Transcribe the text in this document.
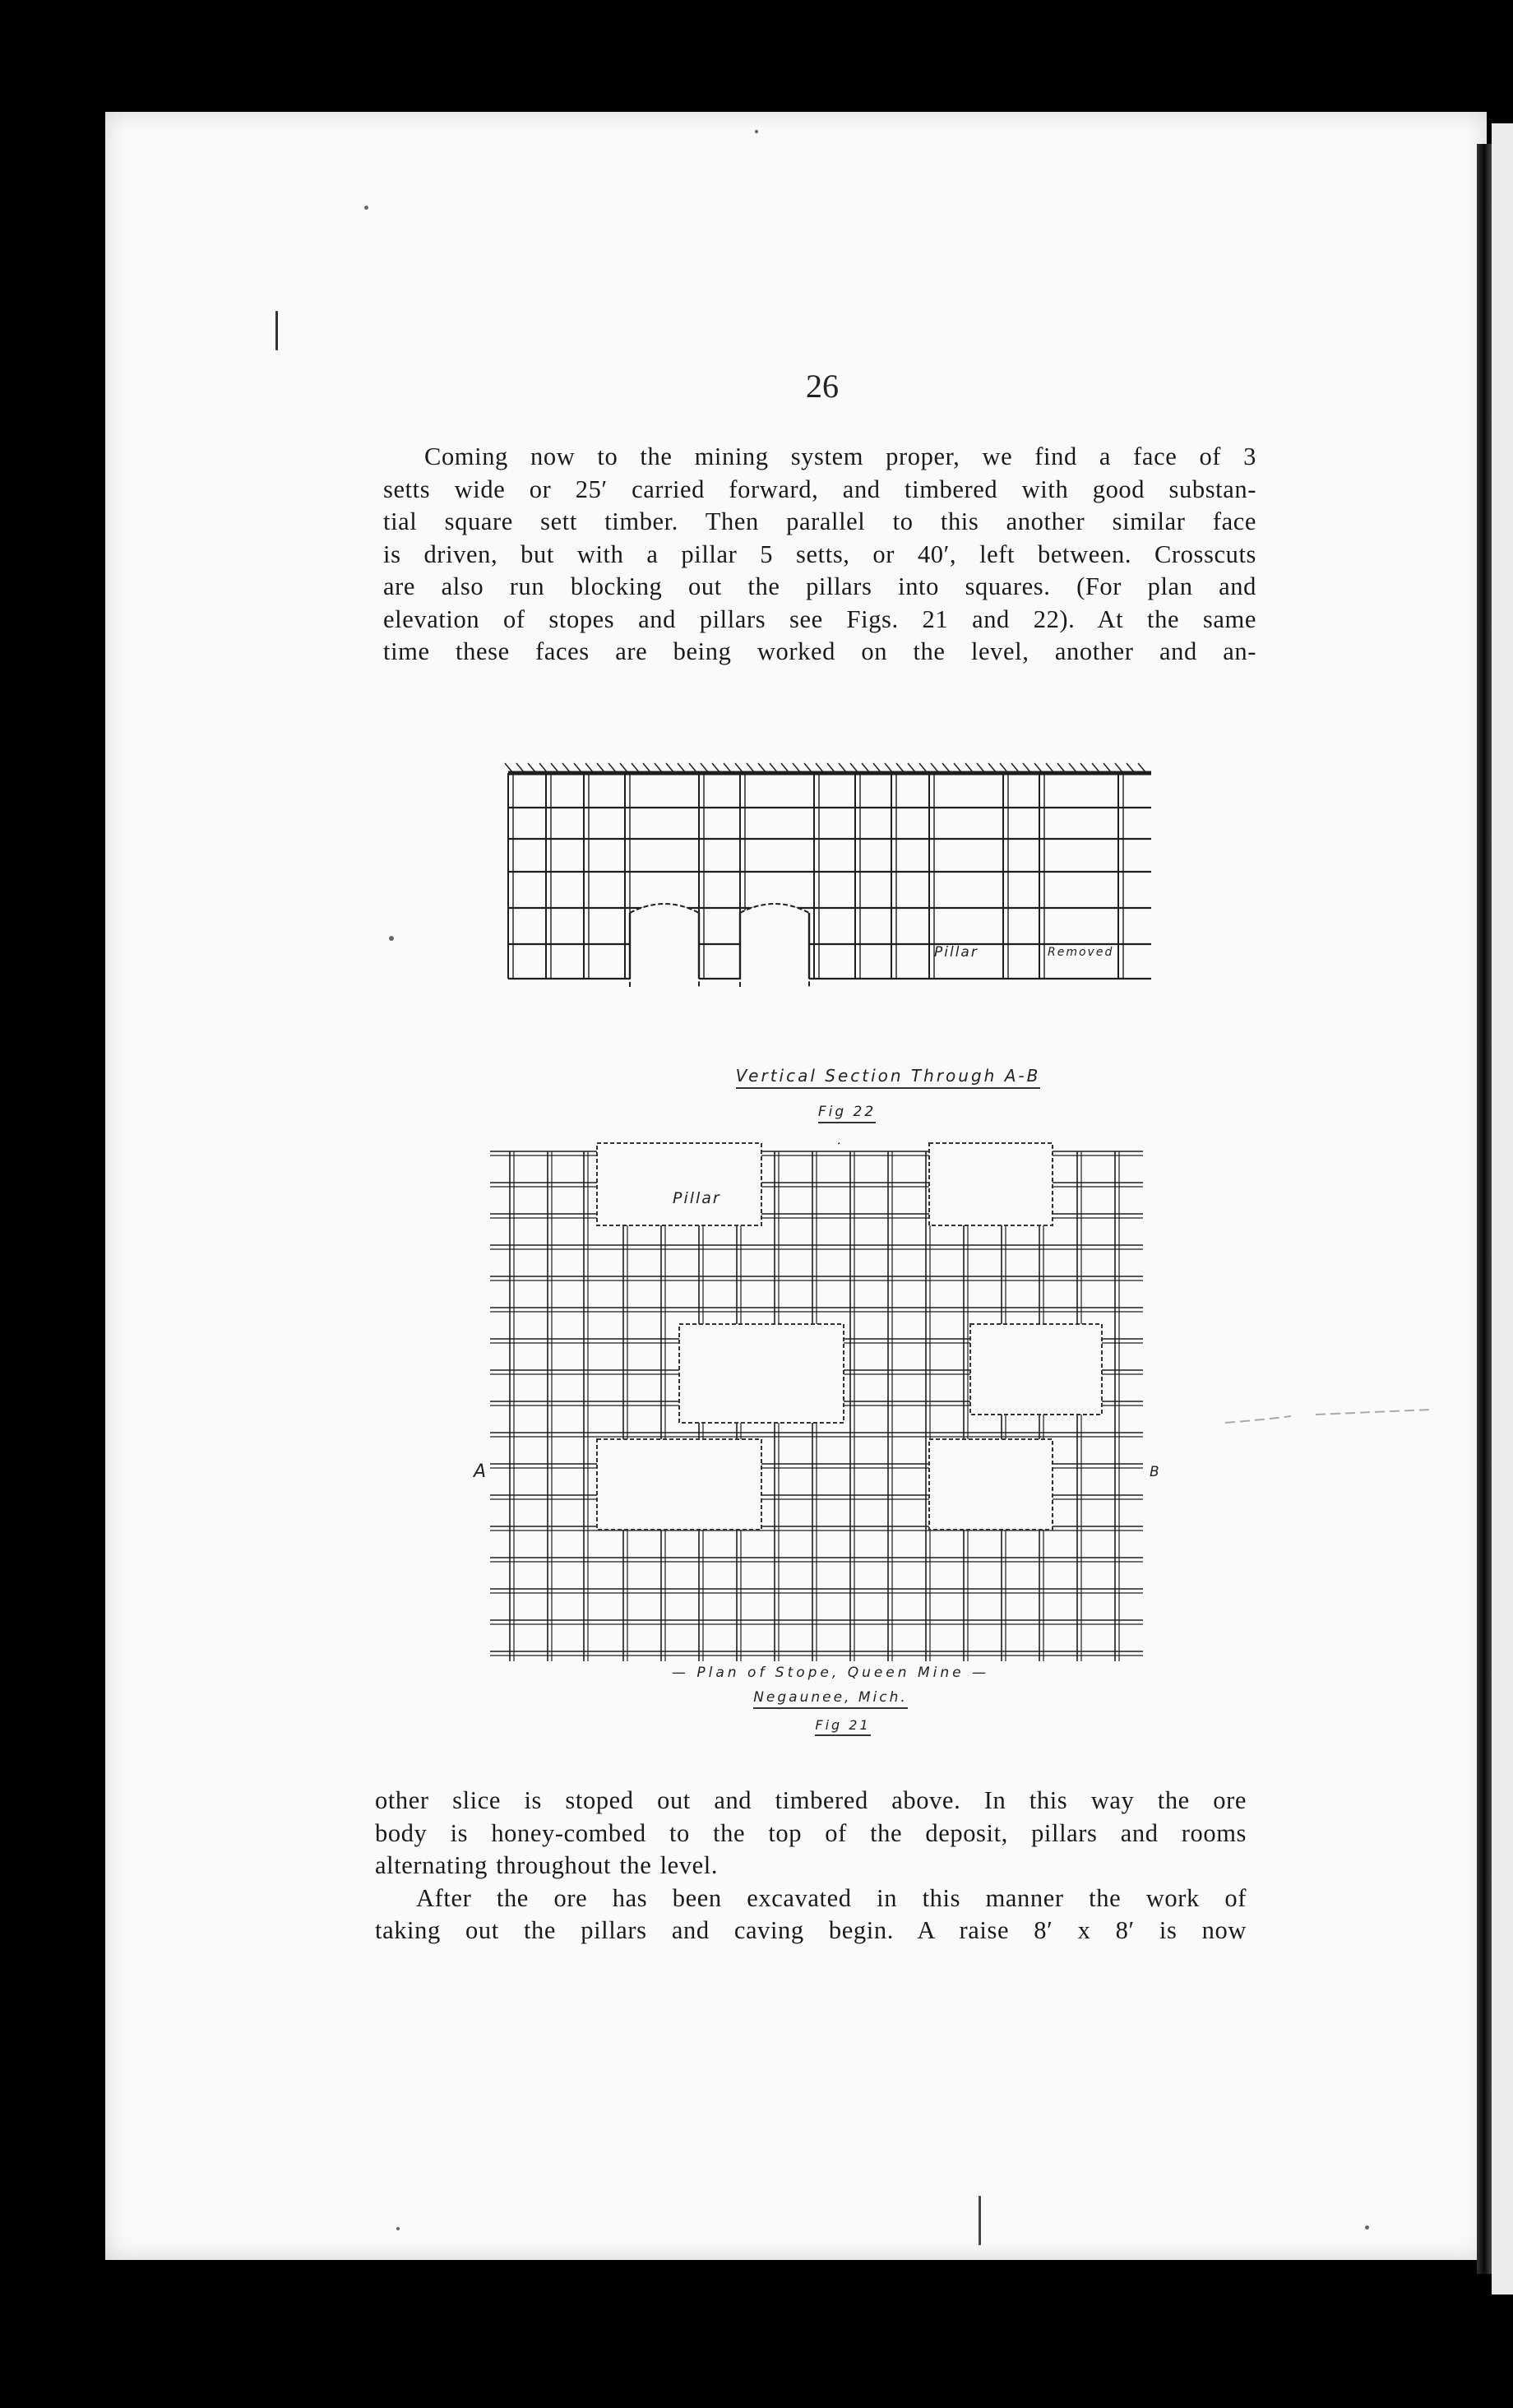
26
Coming now to the mining system proper, we find a face of 3
setts wide or 25′ carried forward, and timbered with good substan-
tial square sett timber. Then parallel to this another similar face
is driven, but with a pillar 5 setts, or 40′, left between. Crosscuts
are also run blocking out the pillars into squares. (For plan and
elevation of stopes and pillars see Figs. 21 and 22). At the same
time these faces are being worked on the level, another and an-
Pillar	Removed
Vertical Section Through A-B
Fig 22
Pillar
A	B
— Plan of Stope, Queen Mine —
Negaunee, Mich.
Fig 21
other slice is stoped out and timbered above. In this way the ore
body is honey-combed to the top of the deposit, pillars and rooms
alternating throughout the level.
After the ore has been excavated in this manner the work of
taking out the pillars and caving begin. A raise 8′ x 8′ is now
